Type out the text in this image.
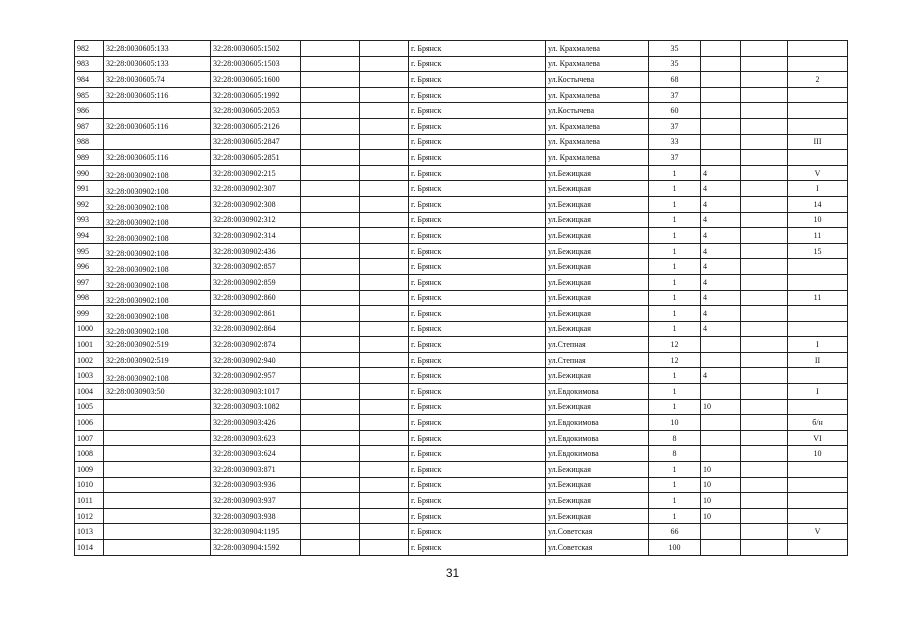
982	32:28:0030605:133	32:28:0030605:1502			г. Брянск	ул. Крахмалева	35			
983	32:28:0030605:133	32:28:0030605:1503			г. Брянск	ул. Крахмалева	35			
984	32:28:0030605:74	32:28:0030605:1600			г. Брянск	ул.Костычева	68			2
985	32:28:0030605:116	32:28:0030605:1992			г. Брянск	ул. Крахмалева	37			
986		32:28:0030605:2053			г. Брянск	ул.Костычева	60			
987	32:28:0030605:116	32:28:0030605:2126			г. Брянск	ул. Крахмалева	37			
988		32:28:0030605:2847			г. Брянск	ул. Крахмалева	33			III
989	32:28:0030605:116	32:28:0030605:2851			г. Брянск	ул. Крахмалева	37			
990	32:28:0030902:108	32:28:0030902:215			г. Брянск	ул.Бежицкая	1	4		V
991	32:28:0030902:108	32:28:0030902:307			г. Брянск	ул.Бежицкая	1	4		I
992	32:28:0030902:108	32:28:0030902:308			г. Брянск	ул.Бежицкая	1	4		14
993	32:28:0030902:108	32:28:0030902:312			г. Брянск	ул.Бежицкая	1	4		10
994	32:28:0030902:108	32:28:0030902:314			г. Брянск	ул.Бежицкая	1	4		11
995	32:28:0030902:108	32:28:0030902:436			г. Брянск	ул.Бежицкая	1	4		15
996	32:28:0030902:108	32:28:0030902:857			г. Брянск	ул.Бежицкая	1	4		
997	32:28:0030902:108	32:28:0030902:859			г. Брянск	ул.Бежицкая	1	4		
998	32:28:0030902:108	32:28:0030902:860			г. Брянск	ул.Бежицкая	1	4		11
999	32:28:0030902:108	32:28:0030902:861			г. Брянск	ул.Бежицкая	1	4		
1000	32:28:0030902:108	32:28:0030902:864			г. Брянск	ул.Бежицкая	1	4		
1001	32:28:0030902:519	32:28:0030902:874			г. Брянск	ул.Степная	12			I
1002	32:28:0030902:519	32:28:0030902:940			г. Брянск	ул.Степная	12			II
1003	32:28:0030902:108	32:28:0030902:957			г. Брянск	ул.Бежицкая	1	4		
1004	32:28:0030903:50	32:28:0030903:1017			г. Брянск	ул.Евдокимова	1			I
1005		32:28:0030903:1082			г. Брянск	ул.Бежицкая	1	10		
1006		32:28:0030903:426			г. Брянск	ул.Евдокимова	10			б/н
1007		32:28:0030903:623			г. Брянск	ул.Евдокимова	8			VI
1008		32:28:0030903:624			г. Брянск	ул.Евдокимова	8			10
1009		32:28:0030903:871			г. Брянск	ул.Бежицкая	1	10		
1010		32:28:0030903:936			г. Брянск	ул.Бежицкая	1	10		
1011		32:28:0030903:937			г. Брянск	ул.Бежицкая	1	10		
1012		32:28:0030903:938			г. Брянск	ул.Бежицкая	1	10		
1013		32:28:0030904:1195			г. Брянск	ул.Советская	66			V
1014		32:28:0030904:1592			г. Брянск	ул.Советская	100			
31
